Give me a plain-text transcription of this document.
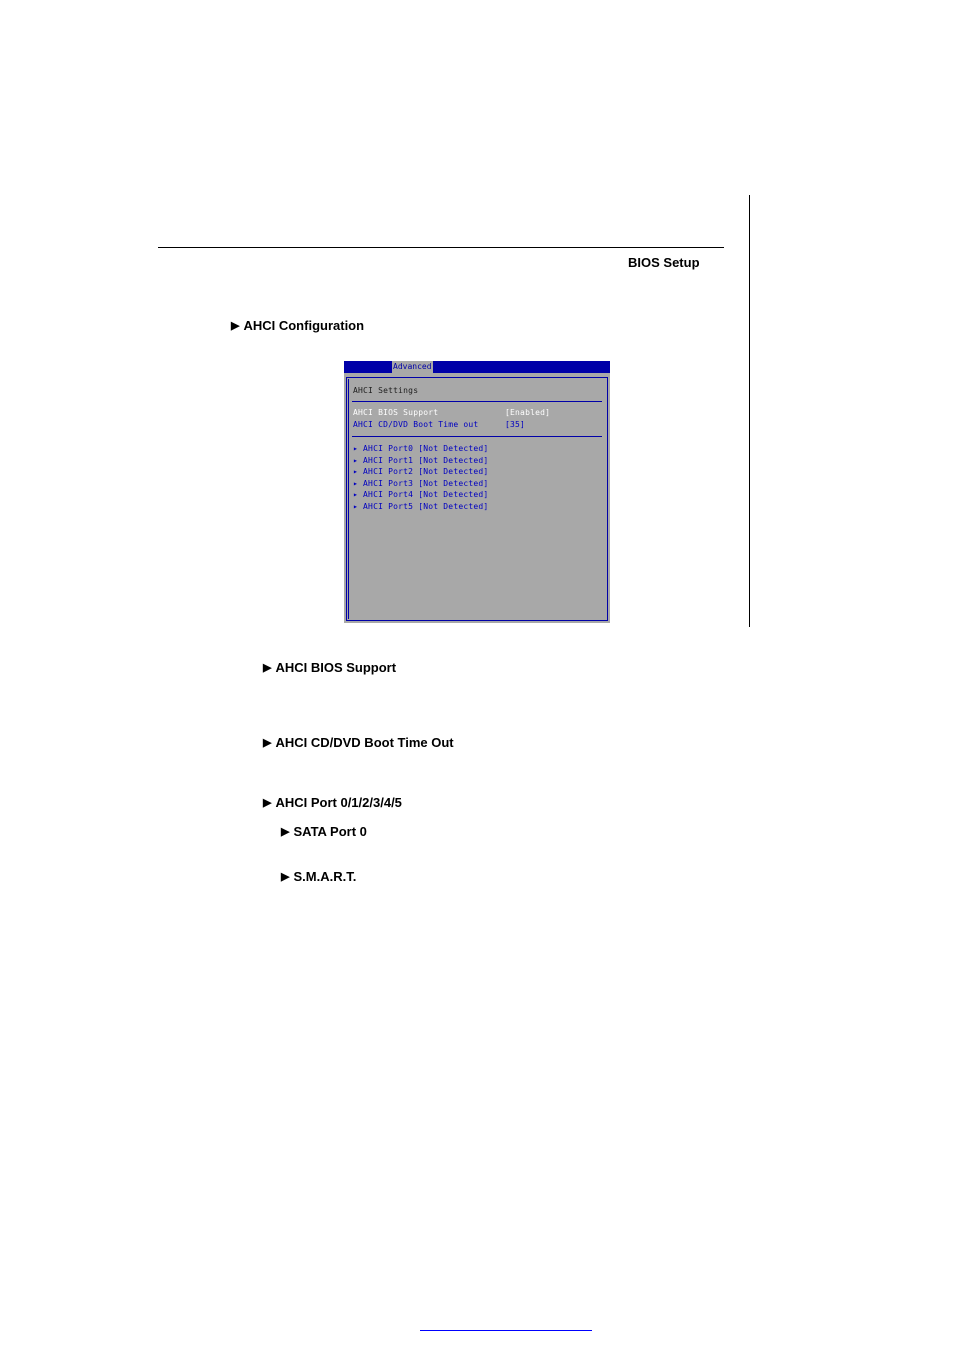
BIOS Setup
▶ AHCI Configuration
Advanced
AHCI Settings
AHCI BIOS Support	[Enabled]
AHCI CD/DVD Boot Time out	[35]
▸ AHCI Port0 [Not Detected]
▸ AHCI Port1 [Not Detected]
▸ AHCI Port2 [Not Detected]
▸ AHCI Port3 [Not Detected]
▸ AHCI Port4 [Not Detected]
▸ AHCI Port5 [Not Detected]
▶ AHCI BIOS Support
▶ AHCI CD/DVD Boot Time Out
▶ AHCI Port 0/1/2/3/4/5
▶ SATA Port 0
▶ S.M.A.R.T.
